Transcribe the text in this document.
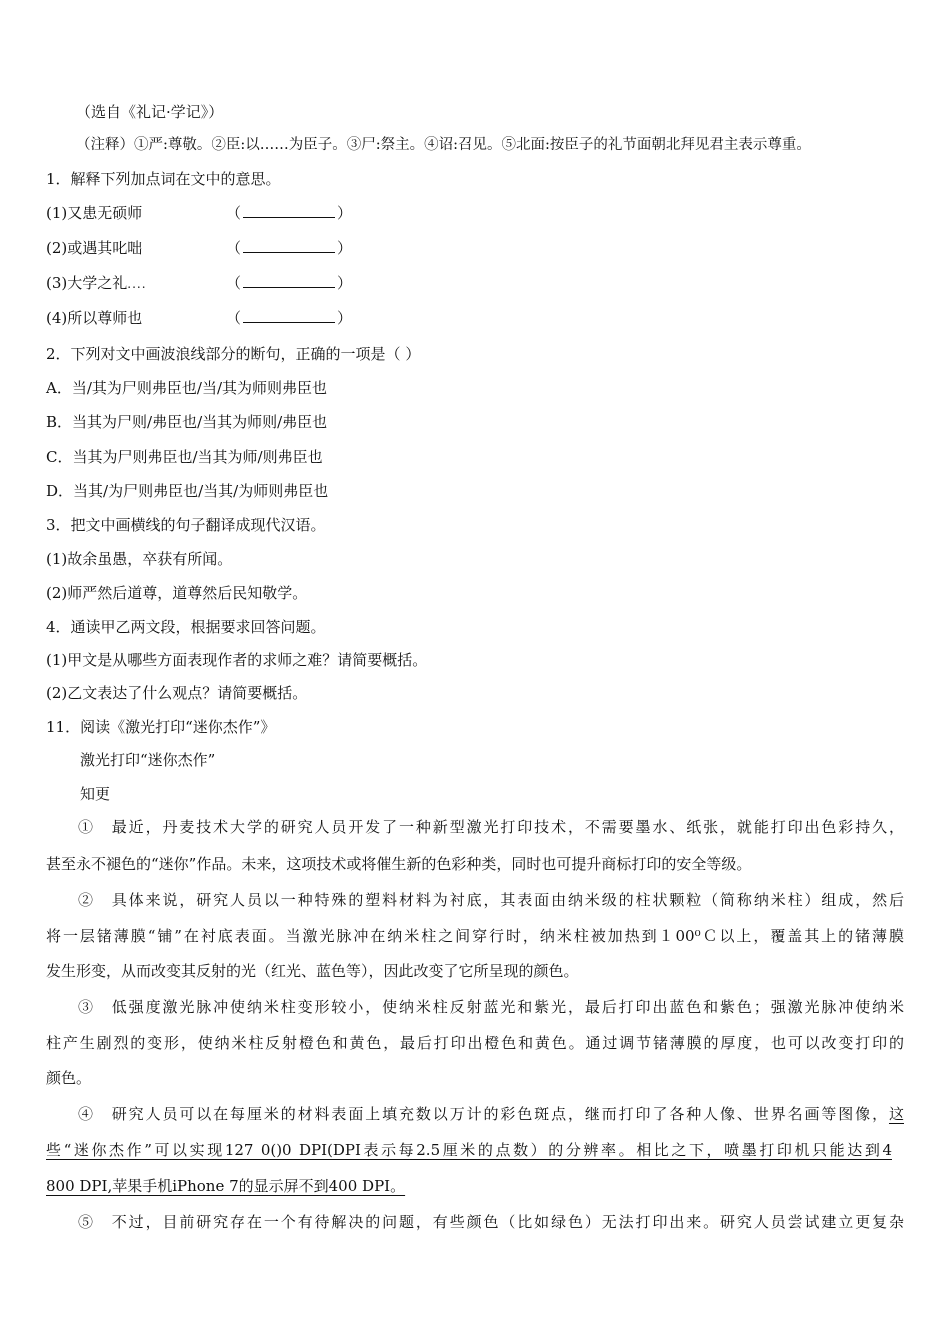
（选自《礼记·学记》）
（注释）①严:尊敬。②臣:以……为臣子。③尸:祭主。④诏:召见。⑤北面:按臣子的礼节面朝北拜见君主表示尊重。
1．解释下列加点词在文中的意思。
(1)又患无硕师	（	）
(2)或遇其叱咄	（	）
(3)大学之礼....	（	）
(4)所以尊师也	（	）
2．下列对文中画波浪线部分的断句，正确的一项是（ ）
A．当/其为尸则弗臣也/当/其为师则弗臣也
B．当其为尸则/弗臣也/当其为师则/弗臣也
C．当其为尸则弗臣也/当其为师/则弗臣也
D．当其/为尸则弗臣也/当其/为师则弗臣也
3．把文中画横线的句子翻译成现代汉语。
(1)故余虽愚，卒获有所闻。
(2)师严然后道尊，道尊然后民知敬学。
4．通读甲乙两文段，根据要求回答问题。
(1)甲文是从哪些方面表现作者的求师之难？请简要概括。
(2)乙文表达了什么观点？请简要概括。
11．阅读《激光打印“迷你杰作”》
激光打印“迷你杰作”
知更
①　最近，丹麦技术大学的研究人员开发了一种新型激光打印技术，不需要墨水、纸张，就能打印出色彩持久，
甚至永不褪色的“迷你”作品。未来，这项技术或将催生新的色彩种类，同时也可提升商标打印的安全等级。
②　具体来说，研究人员以一种特殊的塑料材料为衬底，其表面由纳米级的柱状颗粒（简称纳米柱）组成，然后
将一层锗薄膜“铺”在衬底表面。当激光脉冲在纳米柱之间穿行时，纳米柱被加热到１00⁰Ｃ以上，覆盖其上的锗薄膜
发生形变，从而改变其反射的光（红光、蓝色等），因此改变了它所呈现的颜色。
③　低强度激光脉冲使纳米柱变形较小，使纳米柱反射蓝光和紫光，最后打印出蓝色和紫色；强激光脉冲使纳米
柱产生剧烈的变形，使纳米柱反射橙色和黄色，最后打印出橙色和黄色。通过调节锗薄膜的厚度，也可以改变打印的
颜色。
④　研究人员可以在每厘米的材料表面上填充数以万计的彩色斑点，继而打印了各种人像、世界名画等图像，这
些“迷你杰作”可以实现127 0()0 DPI(DPI表示每2.5厘米的点数）的分辨率。相比之下，喷墨打印机只能达到4
800 DPI,苹果手机iPhone 7的显示屏不到400 DPI。
⑤　不过，目前研究存在一个有待解决的问题，有些颜色（比如绿色）无法打印出来。研究人员尝试建立更复杂
